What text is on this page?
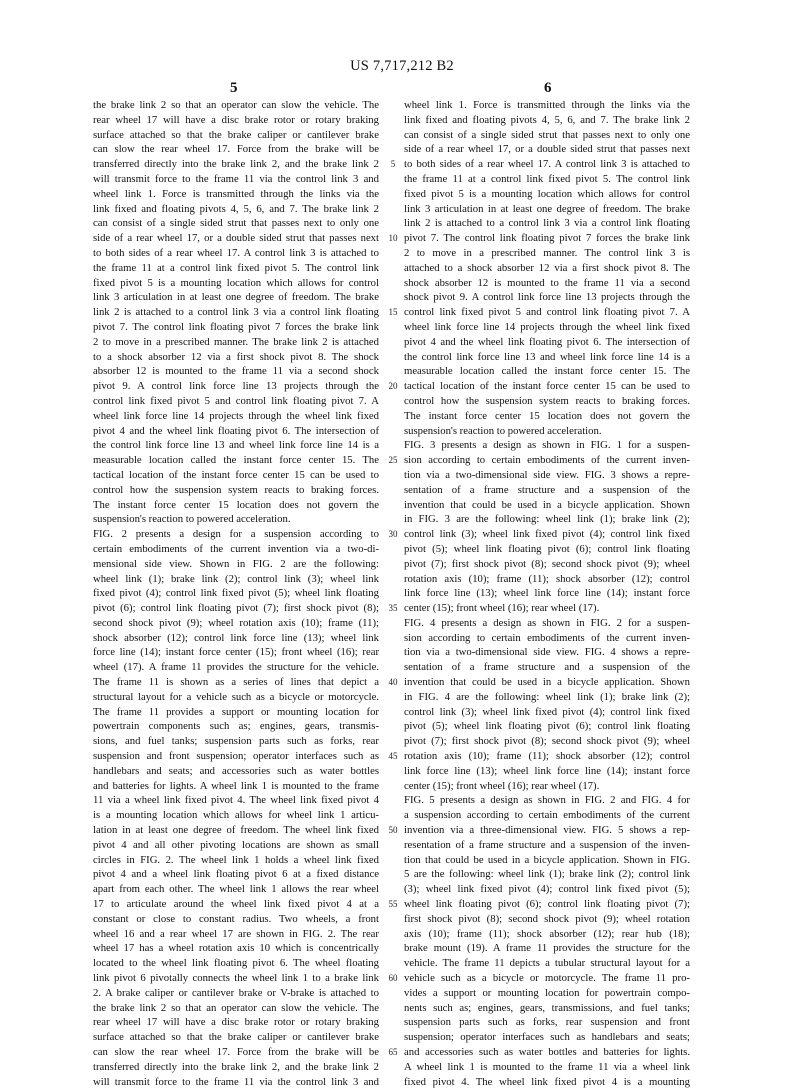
US 7,717,212 B2
5	6
the brake link 2 so that an operator can slow the vehicle. The
rear wheel 17 will have a disc brake rotor or rotary braking
surface attached so that the brake caliper or cantilever brake
can slow the rear wheel 17. Force from the brake will be
transferred directly into the brake link 2, and the brake link 2
will transmit force to the frame 11 via the control link 3 and
wheel link 1. Force is transmitted through the links via the
link fixed and floating pivots 4, 5, 6, and 7. The brake link 2
can consist of a single sided strut that passes next to only one
side of a rear wheel 17, or a double sided strut that passes next
to both sides of a rear wheel 17. A control link 3 is attached to
the frame 11 at a control link fixed pivot 5. The control link
fixed pivot 5 is a mounting location which allows for control
link 3 articulation in at least one degree of freedom. The brake
link 2 is attached to a control link 3 via a control link floating
pivot 7. The control link floating pivot 7 forces the brake link
2 to move in a prescribed manner. The brake link 2 is attached
to a shock absorber 12 via a first shock pivot 8. The shock
absorber 12 is mounted to the frame 11 via a second shock
pivot 9. A control link force line 13 projects through the
control link fixed pivot 5 and control link floating pivot 7. A
wheel link force line 14 projects through the wheel link fixed
pivot 4 and the wheel link floating pivot 6. The intersection of
the control link force line 13 and wheel link force line 14 is a
measurable location called the instant force center 15. The
tactical location of the instant force center 15 can be used to
control how the suspension system reacts to braking forces.
The instant force center 15 location does not govern the
suspension's reaction to powered acceleration.
FIG. 2 presents a design for a suspension according to
certain embodiments of the current invention via a two-di-
mensional side view. Shown in FIG. 2 are the following:
wheel link (1); brake link (2); control link (3); wheel link
fixed pivot (4); control link fixed pivot (5); wheel link floating
pivot (6); control link floating pivot (7); first shock pivot (8);
second shock pivot (9); wheel rotation axis (10); frame (11);
shock absorber (12); control link force line (13); wheel link
force line (14); instant force center (15); front wheel (16); rear
wheel (17). A frame 11 provides the structure for the vehicle.
The frame 11 is shown as a series of lines that depict a
structural layout for a vehicle such as a bicycle or motorcycle.
The frame 11 provides a support or mounting location for
powertrain components such as; engines, gears, transmis-
sions, and fuel tanks; suspension parts such as forks, rear
suspension and front suspension; operator interfaces such as
handlebars and seats; and accessories such as water bottles
and batteries for lights. A wheel link 1 is mounted to the frame
11 via a wheel link fixed pivot 4. The wheel link fixed pivot 4
is a mounting location which allows for wheel link 1 articu-
lation in at least one degree of freedom. The wheel link fixed
pivot 4 and all other pivoting locations are shown as small
circles in FIG. 2. The wheel link 1 holds a wheel link fixed
pivot 4 and a wheel link floating pivot 6 at a fixed distance
apart from each other. The wheel link 1 allows the rear wheel
17 to articulate around the wheel link fixed pivot 4 at a
constant or close to constant radius. Two wheels, a front
wheel 16 and a rear wheel 17 are shown in FIG. 2. The rear
wheel 17 has a wheel rotation axis 10 which is concentrically
located to the wheel link floating pivot 6. The wheel floating
link pivot 6 pivotally connects the wheel link 1 to a brake link
2. A brake caliper or cantilever brake or V-brake is attached to
the brake link 2 so that an operator can slow the vehicle. The
rear wheel 17 will have a disc brake rotor or rotary braking
surface attached so that the brake caliper or cantilever brake
can slow the rear wheel 17. Force from the brake will be
transferred directly into the brake link 2, and the brake link 2
will transmit force to the frame 11 via the control link 3 and
5
10
15
20
25
30
35
40
45
50
55
60
65
wheel link 1. Force is transmitted through the links via the
link fixed and floating pivots 4, 5, 6, and 7. The brake link 2
can consist of a single sided strut that passes next to only one
side of a rear wheel 17, or a double sided strut that passes next
to both sides of a rear wheel 17. A control link 3 is attached to
the frame 11 at a control link fixed pivot 5. The control link
fixed pivot 5 is a mounting location which allows for control
link 3 articulation in at least one degree of freedom. The brake
link 2 is attached to a control link 3 via a control link floating
pivot 7. The control link floating pivot 7 forces the brake link
2 to move in a prescribed manner. The control link 3 is
attached to a shock absorber 12 via a first shock pivot 8. The
shock absorber 12 is mounted to the frame 11 via a second
shock pivot 9. A control link force line 13 projects through the
control link fixed pivot 5 and control link floating pivot 7. A
wheel link force line 14 projects through the wheel link fixed
pivot 4 and the wheel link floating pivot 6. The intersection of
the control link force line 13 and wheel link force line 14 is a
measurable location called the instant force center 15. The
tactical location of the instant force center 15 can be used to
control how the suspension system reacts to braking forces.
The instant force center 15 location does not govern the
suspension's reaction to powered acceleration.
FIG. 3 presents a design as shown in FIG. 1 for a suspen-
sion according to certain embodiments of the current inven-
tion via a two-dimensional side view. FIG. 3 shows a repre-
sentation of a frame structure and a suspension of the
invention that could be used in a bicycle application. Shown
in FIG. 3 are the following: wheel link (1); brake link (2);
control link (3); wheel link fixed pivot (4); control link fixed
pivot (5); wheel link floating pivot (6); control link floating
pivot (7); first shock pivot (8); second shock pivot (9); wheel
rotation axis (10); frame (11); shock absorber (12); control
link force line (13); wheel link force line (14); instant force
center (15); front wheel (16); rear wheel (17).
FIG. 4 presents a design as shown in FIG. 2 for a suspen-
sion according to certain embodiments of the current inven-
tion via a two-dimensional side view. FIG. 4 shows a repre-
sentation of a frame structure and a suspension of the
invention that could be used in a bicycle application. Shown
in FIG. 4 are the following: wheel link (1); brake link (2);
control link (3); wheel link fixed pivot (4); control link fixed
pivot (5); wheel link floating pivot (6); control link floating
pivot (7); first shock pivot (8); second shock pivot (9); wheel
rotation axis (10); frame (11); shock absorber (12); control
link force line (13); wheel link force line (14); instant force
center (15); front wheel (16); rear wheel (17).
FIG. 5 presents a design as shown in FIG. 2 and FIG. 4 for
a suspension according to certain embodiments of the current
invention via a three-dimensional view. FIG. 5 shows a rep-
resentation of a frame structure and a suspension of the inven-
tion that could be used in a bicycle application. Shown in FIG.
5 are the following: wheel link (1); brake link (2); control link
(3); wheel link fixed pivot (4); control link fixed pivot (5);
wheel link floating pivot (6); control link floating pivot (7);
first shock pivot (8); second shock pivot (9); wheel rotation
axis (10); frame (11); shock absorber (12); rear hub (18);
brake mount (19). A frame 11 provides the structure for the
vehicle. The frame 11 depicts a tubular structural layout for a
vehicle such as a bicycle or motorcycle. The frame 11 pro-
vides a support or mounting location for powertrain compo-
nents such as; engines, gears, transmissions, and fuel tanks;
suspension parts such as forks, rear suspension and front
suspension; operator interfaces such as handlebars and seats;
and accessories such as water bottles and batteries for lights.
A wheel link 1 is mounted to the frame 11 via a wheel link
fixed pivot 4. The wheel link fixed pivot 4 is a mounting
